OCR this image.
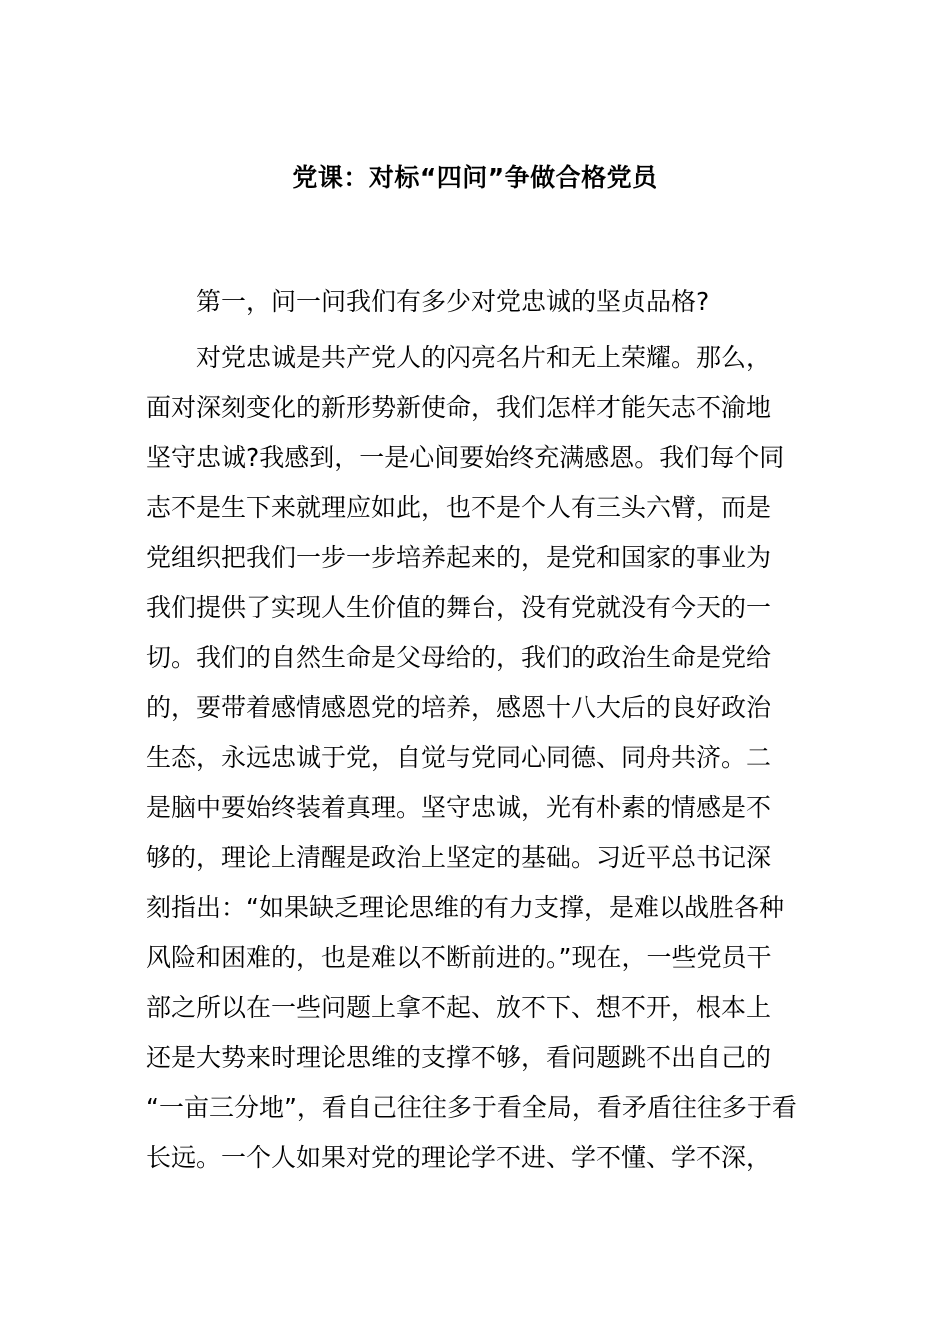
党课：对标“四问”争做合格党员
第一，问一问我们有多少对党忠诚的坚贞品格?
对党忠诚是共产党人的闪亮名片和无上荣耀。那么，
面对深刻变化的新形势新使命，我们怎样才能矢志不渝地
坚守忠诚?我感到，一是心间要始终充满感恩。我们每个同
志不是生下来就理应如此，也不是个人有三头六臂，而是
党组织把我们一步一步培养起来的，是党和国家的事业为
我们提供了实现人生价值的舞台，没有党就没有今天的一
切。我们的自然生命是父母给的，我们的政治生命是党给
的，要带着感情感恩党的培养，感恩十八大后的良好政治
生态，永远忠诚于党，自觉与党同心同德、同舟共济。二
是脑中要始终装着真理。坚守忠诚，光有朴素的情感是不
够的，理论上清醒是政治上坚定的基础。习近平总书记深
刻指出：“如果缺乏理论思维的有力支撑，是难以战胜各种
风险和困难的，也是难以不断前进的。”现在，一些党员干
部之所以在一些问题上拿不起、放不下、想不开，根本上
还是大势来时理论思维的支撑不够，看问题跳不出自己的
“一亩三分地”，看自己往往多于看全局，看矛盾往往多于看
长远。一个人如果对党的理论学不进、学不懂、学不深，
